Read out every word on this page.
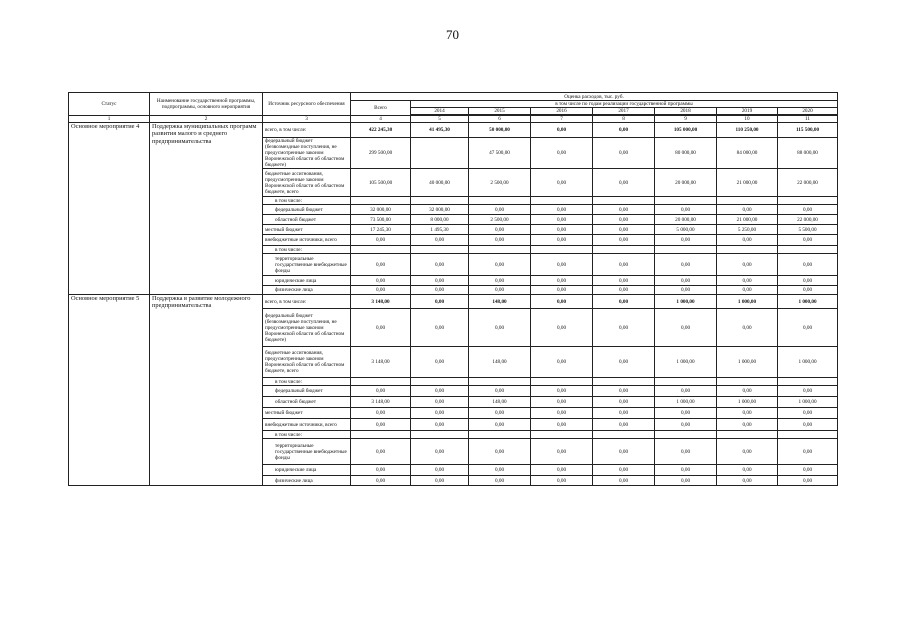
70
Статус	Наименование государственной программы, подпрограммы, основного мероприятия	Источник ресурсного обеспечения	Оценка расходов, тыс. руб.							
			Всего	в том числе по годам реализации государственной программы						
				2014	2015	2016	2017	2018	2019	2020

1	2	3	4	5	6	7	8	9	10	11
Основное мероприятие 4	Поддержка муниципальных программ развития малого и среднего предпринимательства	всего, в том числе:	422 245,30	41 495,30	50 000,00	0,00	0,00	105 000,00	110 250,00	115 500,00
		федеральный бюджет (безвозмездные поступления, не предусмотренные законом Воронежской области об областном бюджете)	299 500,00		47 500,00	0,00	0,00	80 000,00	84 000,00	88 000,00
		бюджетные ассигнования, предусмотренные законом Воронежской области об областном бюджете, всего	105 500,00	40 000,00	2 500,00	0,00	0,00	20 000,00	21 000,00	22 000,00
		в том числе:								
		федеральный бюджет	32 000,00	32 000,00	0,00	0,00	0,00	0,00	0,00	0,00
		областной бюджет	73 500,00	8 000,00	2 500,00	0,00	0,00	20 000,00	21 000,00	22 000,00
		местный бюджет	17 245,30	1 495,30	0,00	0,00	0,00	5 000,00	5 250,00	5 500,00
		внебюджетные источники, всего	0,00	0,00	0,00	0,00	0,00	0,00	0,00	0,00
		в том числе:								
		территориальные государственные внебюджетные фонды	0,00	0,00	0,00	0,00	0,00	0,00	0,00	0,00
		юридические лица	0,00	0,00	0,00	0,00	0,00	0,00	0,00	0,00
		физические лица	0,00	0,00	0,00	0,00	0,00	0,00	0,00	0,00
Основное мероприятие 5	Поддержка в развитие молодежного предпринимательства	всего, в том числе:	3 148,00	0,00	148,00	0,00	0,00	1 000,00	1 000,00	1 000,00
		федеральный бюджет (безвозмездные поступления, не предусмотренные законом Воронежской области об областном бюджете)	0,00	0,00	0,00	0,00	0,00	0,00	0,00	0,00
		бюджетные ассигнования, предусмотренные законом Воронежской области об областном бюджете, всего	3 148,00	0,00	148,00	0,00	0,00	1 000,00	1 000,00	1 000,00
		в том числе:								
		федеральный бюджет	0,00	0,00	0,00	0,00	0,00	0,00	0,00	0,00
		областной бюджет	3 148,00	0,00	148,00	0,00	0,00	1 000,00	1 000,00	1 000,00
		местный бюджет	0,00	0,00	0,00	0,00	0,00	0,00	0,00	0,00
		внебюджетные источники, всего	0,00	0,00	0,00	0,00	0,00	0,00	0,00	0,00
		в том числе:								
		территориальные государственные внебюджетные фонды	0,00	0,00	0,00	0,00	0,00	0,00	0,00	0,00
		юридические лица	0,00	0,00	0,00	0,00	0,00	0,00	0,00	0,00
		физические лица	0,00	0,00	0,00	0,00	0,00	0,00	0,00	0,00
